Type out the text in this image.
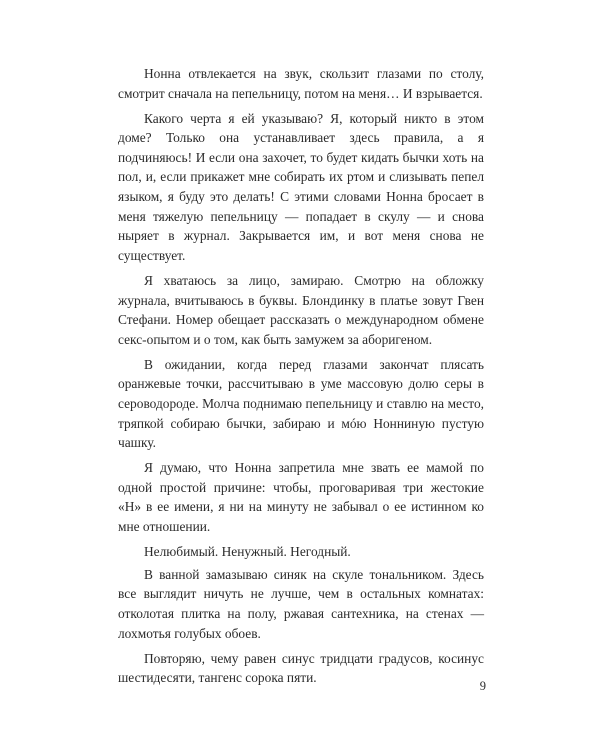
Нонна отвлекается на звук, скользит глазами по столу, смотрит сначала на пепельницу, потом на меня… И взрывается.

Какого черта я ей указываю? Я, который никто в этом доме? Только она устанавливает здесь правила, а я подчиняюсь! И если она захочет, то будет кидать бычки хоть на пол, и, если прикажет мне собирать их ртом и слизывать пепел языком, я буду это делать! С этими словами Нонна бросает в меня тяжелую пепельницу — попадает в скулу — и снова ныряет в журнал. Закрывается им, и вот меня снова не существует.

Я хватаюсь за лицо, замираю. Смотрю на обложку журнала, вчитываюсь в буквы. Блондинку в платье зовут Гвен Стефани. Номер обещает рассказать о международном обмене секс-опытом и о том, как быть замужем за аборигеном.

В ожидании, когда перед глазами закончат плясать оранжевые точки, рассчитываю в уме массовую долю серы в сероводороде. Молча поднимаю пепельницу и ставлю на место, тряпкой собираю бычки, забираю и мóю Нонниную пустую чашку.

Я думаю, что Нонна запретила мне звать ее мамой по одной простой причине: чтобы, проговаривая три жестокие «Н» в ее имени, я ни на минуту не забывал о ее истинном ко мне отношении.

Нелюбимый. Ненужный. Негодный.

В ванной замазываю синяк на скуле тональником. Здесь все выглядит ничуть не лучше, чем в остальных комнатах: отколотая плитка на полу, ржавая сантехника, на стенах — лохмотья голубых обоев.

Повторяю, чему равен синус тридцати градусов, косинус шестидесяти, тангенс сорока пяти.

9
